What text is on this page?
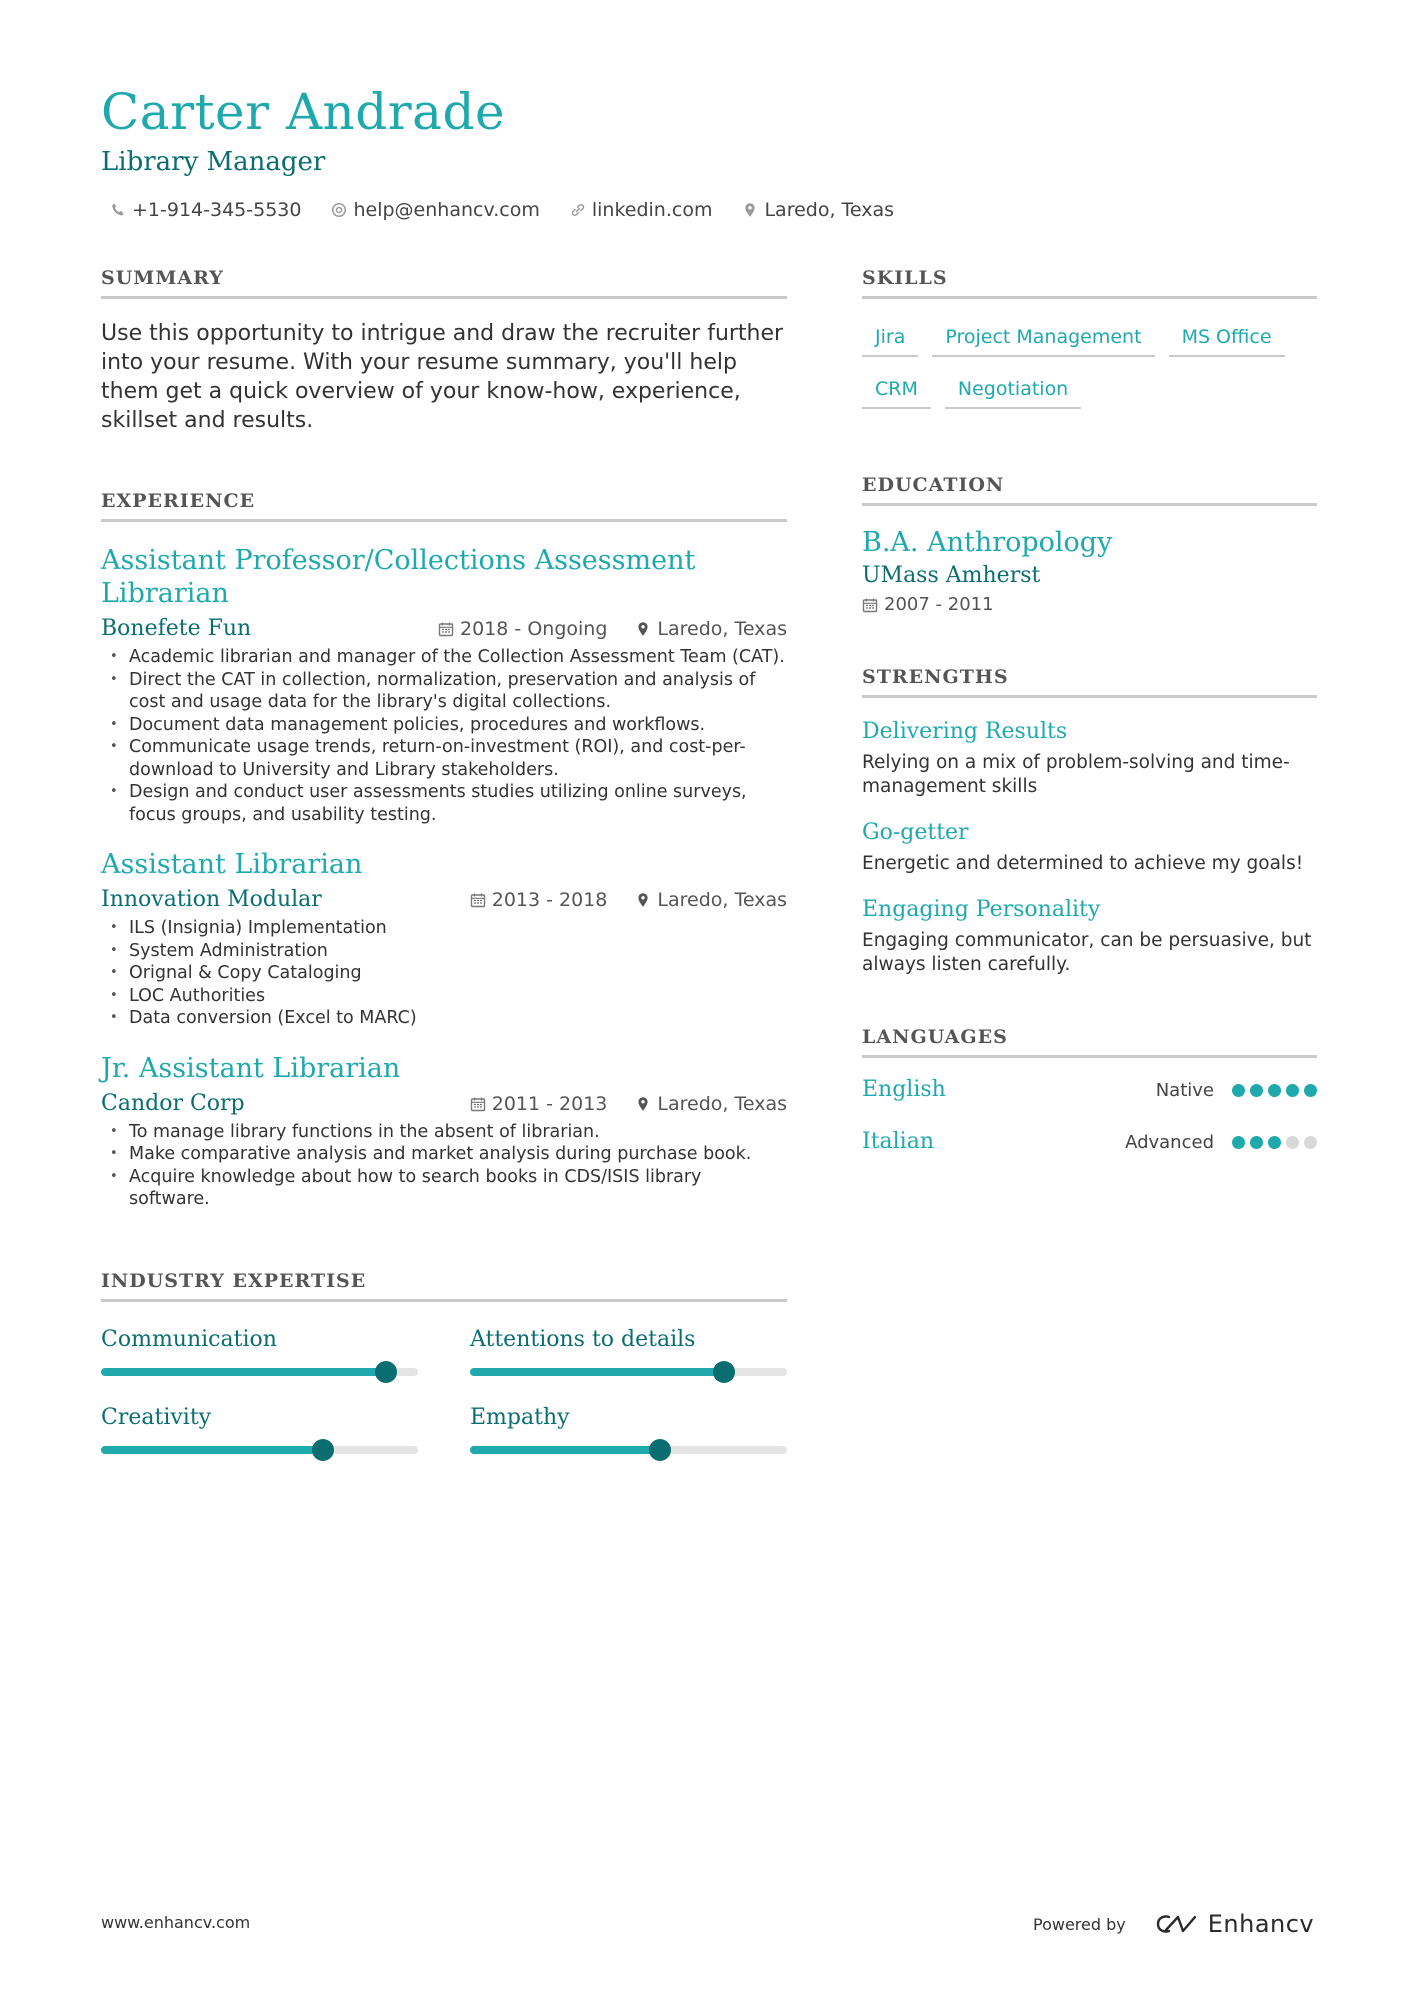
Carter Andrade
Library Manager
+1-914-345-5530	help@enhancv.com	linkedin.com	Laredo, Texas
SUMMARY
Use this opportunity to intrigue and draw the recruiter further into your resume. With your resume summary, you'll help them get a quick overview of your know-how, experience, skillset and results.
EXPERIENCE
Assistant Professor/Collections Assessment Librarian
Bonefete Fun	2018 - Ongoing	Laredo, Texas
• Academic librarian and manager of the Collection Assessment Team (CAT).
• Direct the CAT in collection, normalization, preservation and analysis of cost and usage data for the library's digital collections.
• Document data management policies, procedures and workflows.
• Communicate usage trends, return-on-investment (ROI), and cost-per-download to University and Library stakeholders.
• Design and conduct user assessments studies utilizing online surveys, focus groups, and usability testing.
Assistant Librarian
Innovation Modular	2013 - 2018	Laredo, Texas
• ILS (Insignia) Implementation
• System Administration
• Orignal & Copy Cataloging
• LOC Authorities
• Data conversion (Excel to MARC)
Jr. Assistant Librarian
Candor Corp	2011 - 2013	Laredo, Texas
• To manage library functions in the absent of librarian.
• Make comparative analysis and market analysis during purchase book.
• Acquire knowledge about how to search books in CDS/ISIS library software.
INDUSTRY EXPERTISE
Communication	Attentions to details
Creativity	Empathy
SKILLS
Jira	Project Management	MS Office
CRM	Negotiation
EDUCATION
B.A. Anthropology
UMass Amherst
2007 - 2011
STRENGTHS
Delivering Results
Relying on a mix of problem-solving and time-management skills
Go-getter
Energetic and determined to achieve my goals!
Engaging Personality
Engaging communicator, can be persuasive, but always listen carefully.
LANGUAGES
English	Native
Italian	Advanced
www.enhancv.com	Powered by	Enhancv
